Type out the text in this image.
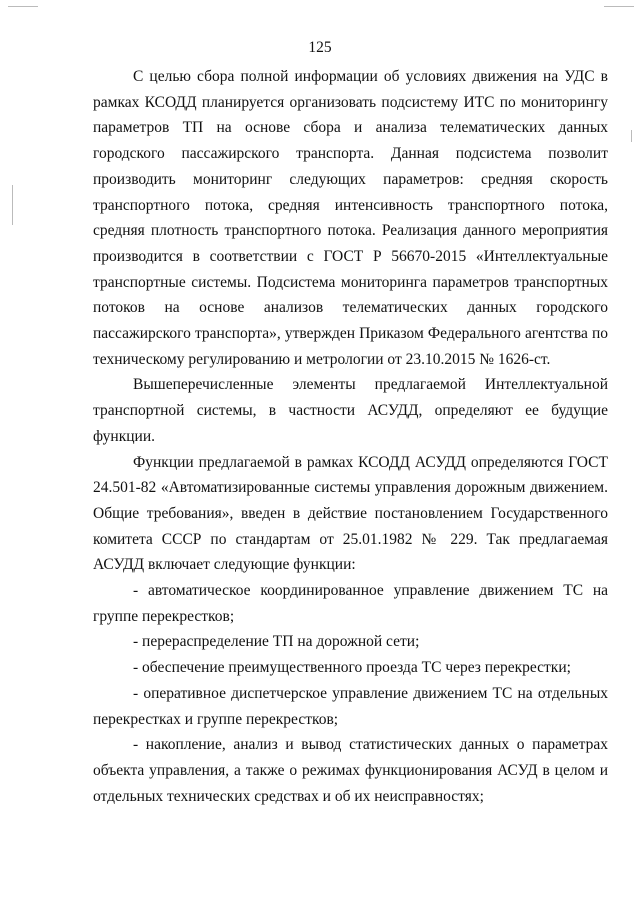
125

С целью сбора полной информации об условиях движения на УДС в рамках КСОДД планируется организовать подсистему ИТС по мониторингу параметров ТП на основе сбора и анализа телематических данных городского пассажирского транспорта. Данная подсистема позволит производить мониторинг следующих параметров: средняя скорость транспортного потока, средняя интенсивность транспортного потока, средняя плотность транспортного потока. Реализация данного мероприятия производится в соответствии с ГОСТ Р 56670-2015 «Интеллектуальные транспортные системы. Подсистема мониторинга параметров транспортных потоков на основе анализов телематических данных городского пассажирского транспорта», утвержден Приказом Федерального агентства по техническому регулированию и метрологии от 23.10.2015 № 1626-ст.

Вышеперечисленные элементы предлагаемой Интеллектуальной транспортной системы, в частности АСУДД, определяют ее будущие функции.

Функции предлагаемой в рамках КСОДД АСУДД определяются ГОСТ 24.501-82 «Автоматизированные системы управления дорожным движением. Общие требования», введен в действие постановлением Государственного комитета СССР по стандартам от 25.01.1982 № 229. Так предлагаемая АСУДД включает следующие функции:

- автоматическое координированное управление движением ТС на группе перекрестков;

- перераспределение ТП на дорожной сети;

- обеспечение преимущественного проезда ТС через перекрестки;

- оперативное диспетчерское управление движением ТС на отдельных перекрестках и группе перекрестков;

- накопление, анализ и вывод статистических данных о параметрах объекта управления, а также о режимах функционирования АСУД в целом и отдельных технических средствах и об их неисправностях;
